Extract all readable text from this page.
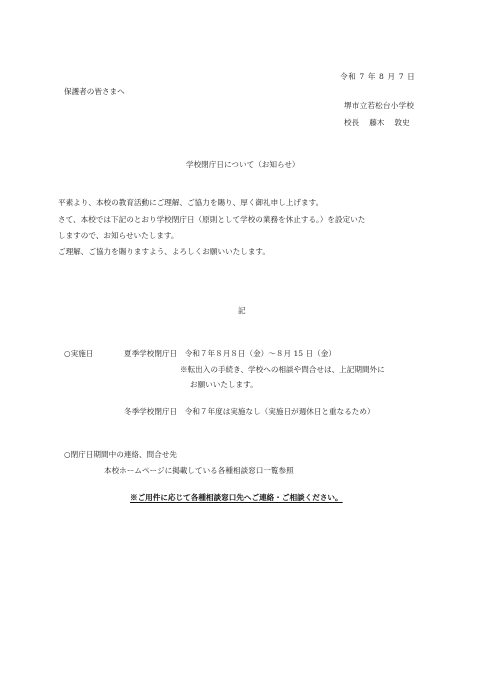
令和 7 年 8 月 7 日
保護者の皆さまへ
堺市立若松台小学校
校長　 藤木　 敦史
学校閉庁日について（お知らせ）
平素より、本校の教育活動にご理解、ご協力を賜り、厚く御礼申し上げます。
さて、本校では下記のとおり学校閉庁日（原則として学校の業務を休止する。）を設定いた
しますので、お知らせいたします。
ご理解、ご協力を賜りますよう、よろしくお願いいたします。
記
○実施日	夏季学校閉庁日　令和７年８月８日（金）～８月 15 日（金）
※転出入の手続き、学校への相談や問合せは、上記期間外に
お願いいたします。
冬季学校閉庁日　令和７年度は実施なし（実施日が週休日と重なるため）
○閉庁日期間中の連絡、問合せ先
本校ホームページに掲載している各種相談窓口一覧参照
※ご用件に応じて各種相談窓口先へご連絡・ご相談ください。
